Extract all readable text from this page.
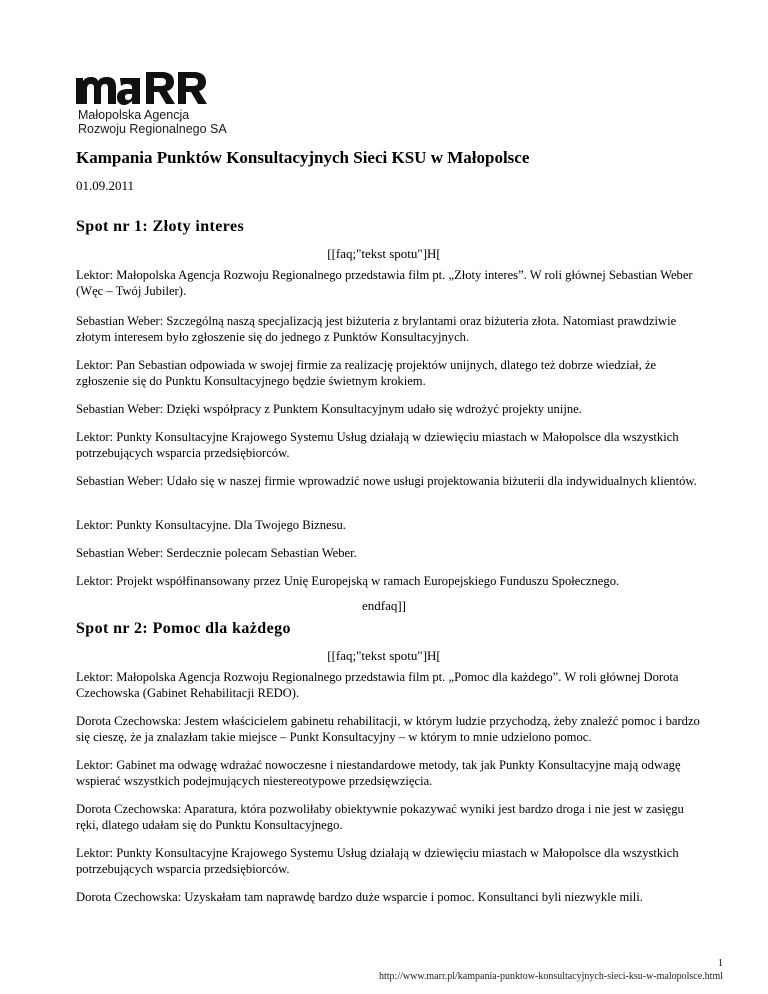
Małopolska Agencja
Rozwoju Regionalnego SA
Kampania Punktów Konsultacyjnych Sieci KSU w Małopolsce
01.09.2011
Spot nr 1: Złoty interes
[[faq;"tekst spotu"]H[
Lektor: Małopolska Agencja Rozwoju Regionalnego przedstawia film pt. „Złoty interes”. W roli głównej Sebastian Weber (Węc – Twój Jubiler).
Sebastian Weber: Szczególną naszą specjalizacją jest biżuteria z brylantami oraz biżuteria złota. Natomiast prawdziwie złotym interesem było zgłoszenie się do jednego z Punktów Konsultacyjnych.
Lektor: Pan Sebastian odpowiada w swojej firmie za realizację projektów unijnych, dlatego też dobrze wiedział, że zgłoszenie się do Punktu Konsultacyjnego będzie świetnym krokiem.
Sebastian Weber: Dzięki współpracy z Punktem Konsultacyjnym udało się wdrożyć projekty unijne.
Lektor: Punkty Konsultacyjne Krajowego Systemu Usług działają w dziewięciu miastach w Małopolsce dla wszystkich potrzebujących wsparcia przedsiębiorców.
Sebastian Weber: Udało się w naszej firmie wprowadzić nowe usługi projektowania biżuterii dla indywidualnych klientów.
Lektor: Punkty Konsultacyjne. Dla Twojego Biznesu.
Sebastian Weber: Serdecznie polecam Sebastian Weber.
Lektor: Projekt współfinansowany przez Unię Europejską w ramach Europejskiego Funduszu Społecznego.
endfaq]]
Spot nr 2: Pomoc dla każdego
[[faq;"tekst spotu"]H[
Lektor: Małopolska Agencja Rozwoju Regionalnego przedstawia film pt. „Pomoc dla każdego”. W roli głównej Dorota Czechowska (Gabinet Rehabilitacji REDO).
Dorota Czechowska: Jestem właścicielem gabinetu rehabilitacji, w którym ludzie przychodzą, żeby znaleźć pomoc i bardzo się cieszę, że ja znalazłam takie miejsce – Punkt Konsultacyjny – w którym to mnie udzielono pomoc.
Lektor: Gabinet ma odwagę wdrażać nowoczesne i niestandardowe metody, tak jak Punkty Konsultacyjne mają odwagę wspierać wszystkich podejmujących niestereotypowe przedsięwzięcia.
Dorota Czechowska: Aparatura, która pozwoliłaby obiektywnie pokazywać wyniki jest bardzo droga i nie jest w zasięgu ręki, dlatego udałam się do Punktu Konsultacyjnego.
Lektor: Punkty Konsultacyjne Krajowego Systemu Usług działają w dziewięciu miastach w Małopolsce dla wszystkich potrzebujących wsparcia przedsiębiorców.
Dorota Czechowska: Uzyskałam tam naprawdę bardzo duże wsparcie i pomoc. Konsultanci byli niezwykle mili.
1
http://www.marr.pl/kampania-punktow-konsultacyjnych-sieci-ksu-w-malopolsce.html
